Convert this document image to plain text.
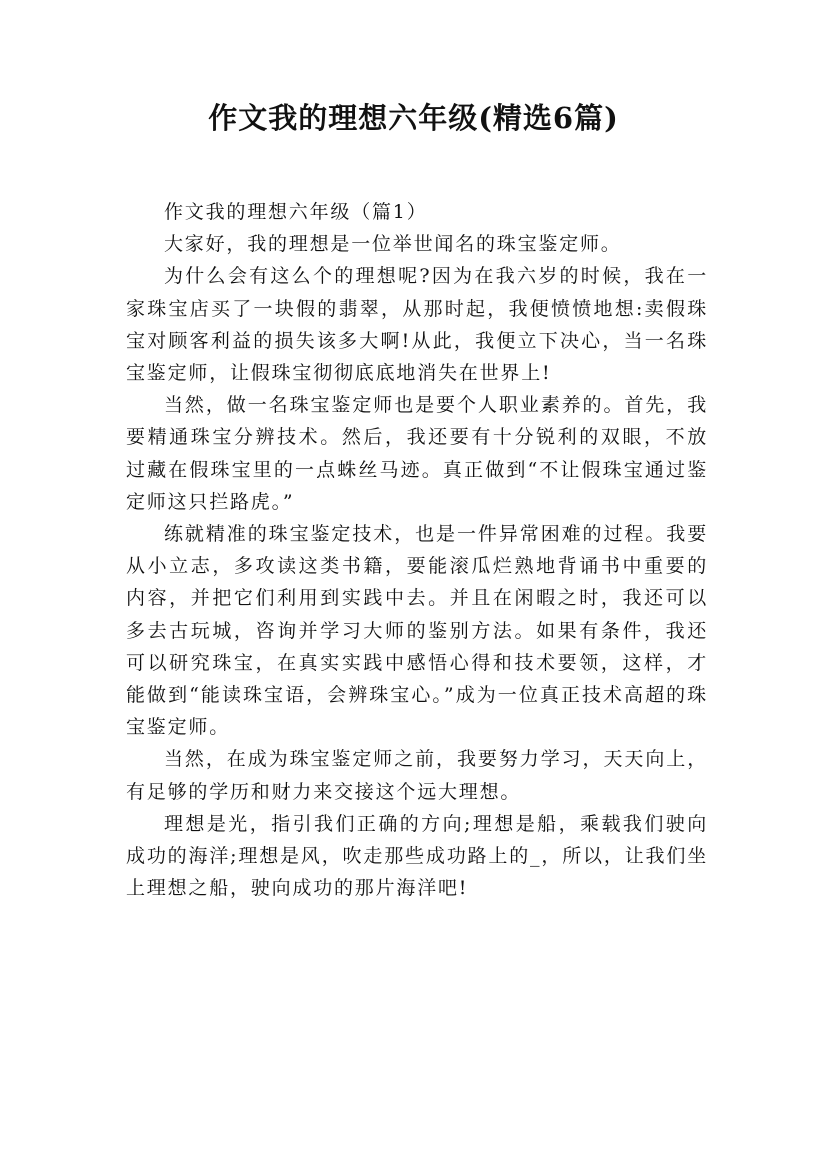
作文我的理想六年级(精选6篇)

作文我的理想六年级（篇1）

大家好，我的理想是一位举世闻名的珠宝鉴定师。

为什么会有这么个的理想呢?因为在我六岁的时候，我在一家珠宝店买了一块假的翡翠，从那时起，我便愤愤地想:卖假珠宝对顾客利益的损失该多大啊!从此，我便立下决心，当一名珠宝鉴定师，让假珠宝彻彻底底地消失在世界上!

当然，做一名珠宝鉴定师也是要个人职业素养的。首先，我要精通珠宝分辨技术。然后，我还要有十分锐利的双眼，不放过藏在假珠宝里的一点蛛丝马迹。真正做到“不让假珠宝通过鉴定师这只拦路虎。”

练就精准的珠宝鉴定技术，也是一件异常困难的过程。我要从小立志，多攻读这类书籍，要能滚瓜烂熟地背诵书中重要的内容，并把它们利用到实践中去。并且在闲暇之时，我还可以多去古玩城，咨询并学习大师的鉴别方法。如果有条件，我还可以研究珠宝，在真实实践中感悟心得和技术要领，这样，才能做到“能读珠宝语，会辨珠宝心。”成为一位真正技术高超的珠宝鉴定师。

当然，在成为珠宝鉴定师之前，我要努力学习，天天向上，有足够的学历和财力来交接这个远大理想。

理想是光，指引我们正确的方向;理想是船，乘载我们驶向成功的海洋;理想是风，吹走那些成功路上的_，所以，让我们坐上理想之船，驶向成功的那片海洋吧!
